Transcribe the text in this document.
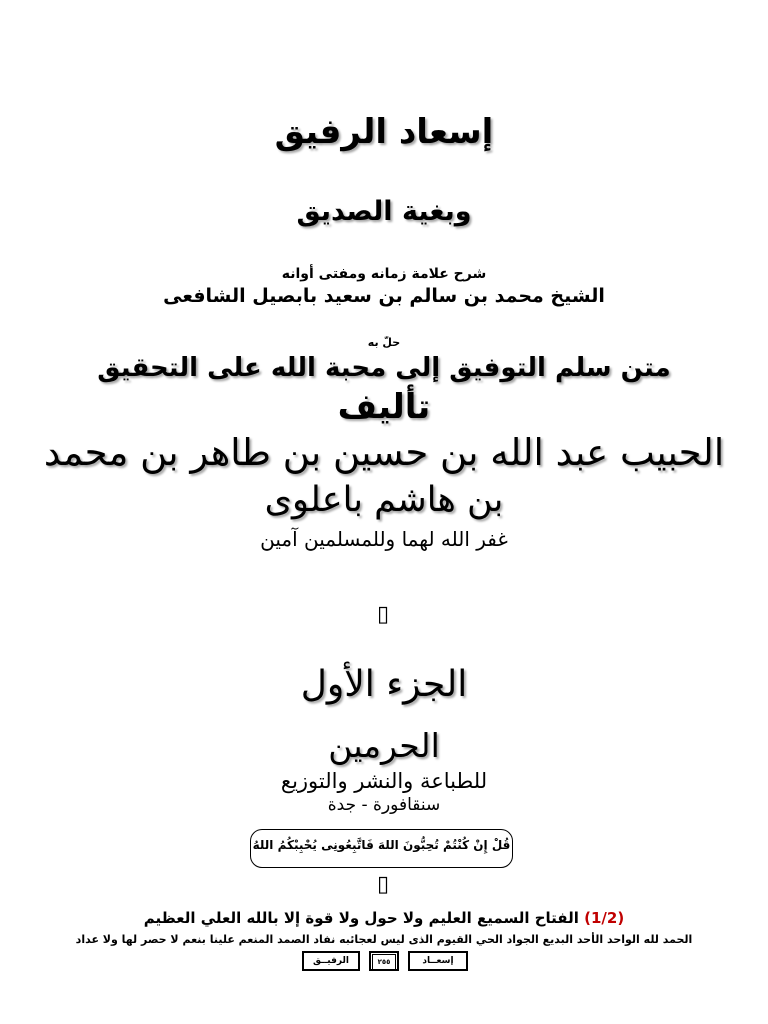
إسعاد الرفيق
وبغية الصديق
شرح علامة زمانه ومفتى أوانه
الشيخ محمد بن سالم بن سعيد بابصيل الشافعى
حلّ به
متن سلم التوفيق إلى محبة الله على التحقيق
تأليف
الحبيب عبد الله بن حسين بن طاهر بن محمد
بن هاشم باعلوى
غفر الله لهما وللمسلمين آمين
▯
الجزء الأول
الحرمين
للطباعة والنشر والتوزيع
سنقافورة - جدة
قُلْ إِنْ كُنْتُمْ تُحِبُّونَ اللهَ فَاتَّبِعُونِى يُحْبِبْكُمُ اللهُ
▯
(1/2) الفتاح السميع العليم ولا حول ولا قوة إلا بالله العلي العظيم
الحمد لله الواحد الأحد البديع الجواد الحي القيوم الذى ليس لعجائبه نفاد الصمد المنعم علينا بنعم لا حصر لها ولا عداد
إسعــاد
٢٥٥
الرفيــق
